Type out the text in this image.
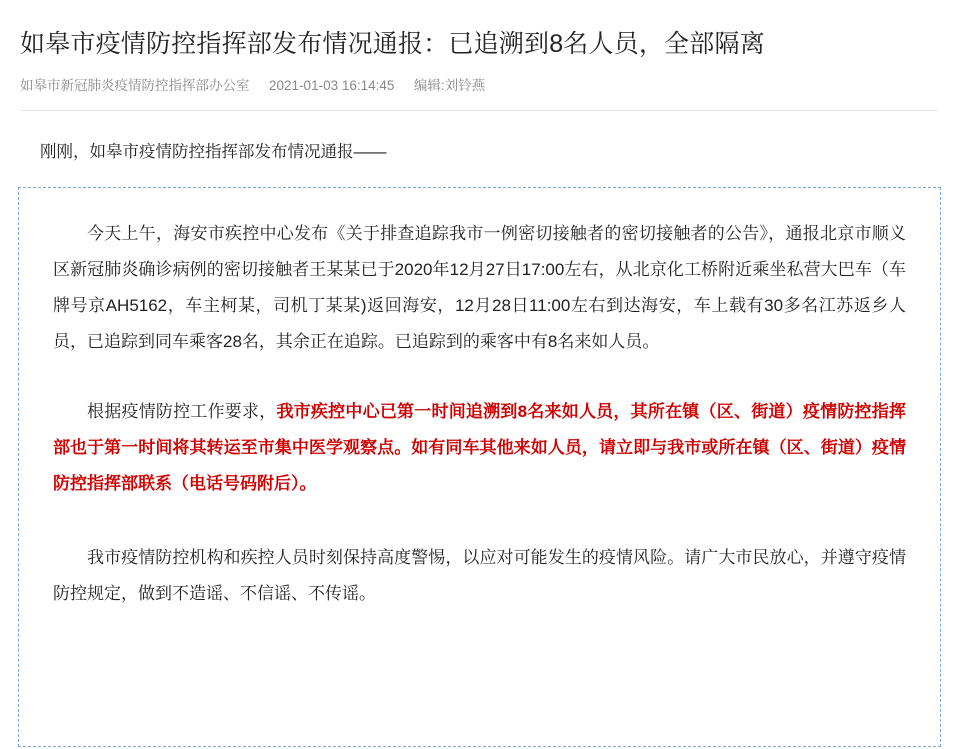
如皋市疫情防控指挥部发布情况通报：已追溯到8名人员，全部隔离
如皋市新冠肺炎疫情防控指挥部办公室 2021-01-03 16:14:45 编辑:刘铃燕
刚刚，如皋市疫情防控指挥部发布情况通报——

今天上午，海安市疾控中心发布《关于排查追踪我市一例密切接触者的密切接触者的公告》，通报北京市顺义区新冠肺炎确诊病例的密切接触者王某某已于2020年12月27日17:00左右，从北京化工桥附近乘坐私营大巴车（车牌号京AH5162，车主柯某，司机丁某某)返回海安，12月28日11:00左右到达海安，车上载有30多名江苏返乡人员，已追踪到同车乘客28名，其余正在追踪。已追踪到的乘客中有8名来如人员。

根据疫情防控工作要求，我市疾控中心已第一时间追溯到8名来如人员，其所在镇（区、街道）疫情防控指挥部也于第一时间将其转运至市集中医学观察点。如有同车其他来如人员，请立即与我市或所在镇（区、街道）疫情防控指挥部联系（电话号码附后）。

我市疫情防控机构和疾控人员时刻保持高度警惕，以应对可能发生的疫情风险。请广大市民放心，并遵守疫情防控规定，做到不造谣、不信谣、不传谣。
